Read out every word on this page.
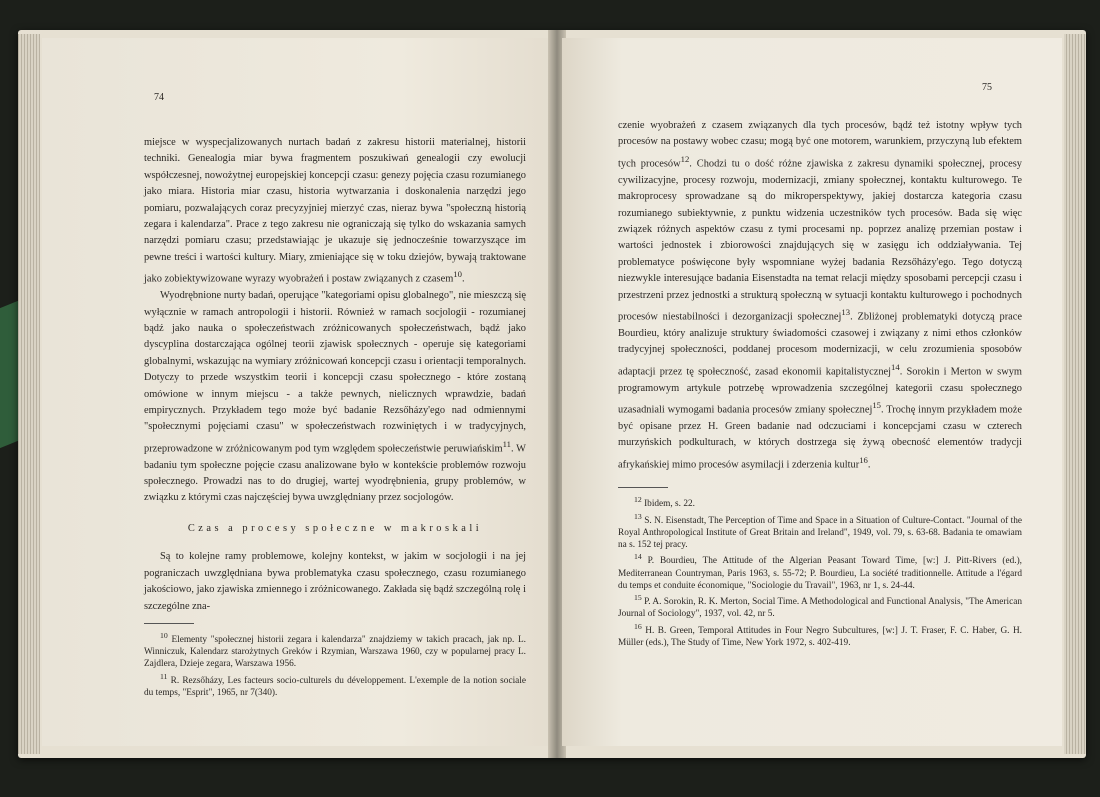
74

miejsce w wyspecjalizowanych nurtach badań z zakresu historii materialnej, historii techniki. Genealogia miar bywa fragmentem poszukiwań genealogii czy ewolucji współczesnej, nowożytnej europejskiej koncepcji czasu: genezy pojęcia czasu rozumianego jako miara. Historia miar czasu, historia wytwarzania i doskonalenia narzędzi jego pomiaru, pozwalających coraz precyzyjniej mierzyć czas, nieraz bywa "społeczną historią zegara i kalendarza". Prace z tego zakresu nie ograniczają się tylko do wskazania samych narzędzi pomiaru czasu; przedstawiając je ukazuje się jednocześnie towarzyszące im pewne treści i wartości kultury. Miary, zmieniające się w toku dziejów, bywają traktowane jako zobiektywizowane wyrazy wyobrażeń i postaw związanych z czasem$^{10}$.

Wyodrębnione nurty badań, operujące "kategoriami opisu globalnego", nie mieszczą się wyłącznie w ramach antropologii i historii. Również w ramach socjologii - rozumianej bądź jako nauka o społeczeństwach zróżnicowanych społeczeństwach, bądź jako dyscyplina dostarczająca ogólnej teorii zjawisk społecznych - operuje się kategoriami globalnymi, wskazując na wymiary zróżnicowań koncepcji czasu i orientacji temporalnych. Dotyczy to przede wszystkim teorii i koncepcji czasu społecznego - które zostaną omówione w innym miejscu - a także pewnych, nielicznych wprawdzie, badań empirycznych. Przykładem tego może być badanie Rezsőházy'ego nad odmiennymi "społecznymi pojęciami czasu" w społeczeństwach rozwiniętych i w tradycyjnych, przeprowadzone w zróżnicowanym pod tym względem społeczeństwie peruwiańskim$^{11}$. W badaniu tym społeczne pojęcie czasu analizowane było w kontekście problemów rozwoju społecznego. Prowadzi nas to do drugiej, wartej wyodrębnienia, grupy problemów, w związku z którymi czas najczęściej bywa uwzględniany przez socjologów.

Czas a procesy społeczne w makroskali

Są to kolejne ramy problemowe, kolejny kontekst, w jakim w socjologii i na jej pograniczach uwzględniana bywa problematyka czasu społecznego, czasu rozumianego jakościowo, jako zjawiska zmiennego i zróżnicowanego. Zakłada się bądź szczególną rolę i szczególne zna-

$^{10}$ Elementy "społecznej historii zegara i kalendarza" znajdziemy w takich pracach, jak np. L. Winniczuk, Kalendarz starożytnych Greków i Rzymian, Warszawa 1960, czy w popularnej pracy L. Zajdlera, Dzieje zegara, Warszawa 1956.

$^{11}$ R. Rezsőházy, Les facteurs socio-culturels du développement. L'exemple de la notion sociale du temps, "Esprit", 1965, nr 7(340).

75

czenie wyobrażeń z czasem związanych dla tych procesów, bądź też istotny wpływ tych procesów na postawy wobec czasu; mogą być one motorem, warunkiem, przyczyną lub efektem tych procesów$^{12}$. Chodzi tu o dość różne zjawiska z zakresu dynamiki społecznej, procesy cywilizacyjne, procesy rozwoju, modernizacji, zmiany społecznej, kontaktu kulturowego. Te makroprocesy sprowadzane są do mikroperspektywy, jakiej dostarcza kategoria czasu rozumianego subiektywnie, z punktu widzenia uczestników tych procesów. Bada się więc związek różnych aspektów czasu z tymi procesami np. poprzez analizę przemian postaw i wartości jednostek i zbiorowości znajdujących się w zasięgu ich oddziaływania. Tej problematyce poświęcone były wspomniane wyżej badania Rezsőházy'ego. Tego dotyczą niezwykle interesujące badania Eisenstadta na temat relacji między sposobami percepcji czasu i przestrzeni przez jednostki a strukturą społeczną w sytuacji kontaktu kulturowego i pochodnych procesów niestabilności i dezorganizacji społecznej$^{13}$. Zbliżonej problematyki dotyczą prace Bourdieu, który analizuje struktury świadomości czasowej i związany z nimi ethos członków tradycyjnej społeczności, poddanej procesom modernizacji, w celu zrozumienia sposobów adaptacji przez tę społeczność, zasad ekonomii kapitalistycznej$^{14}$. Sorokin i Merton w swym programowym artykule potrzebę wprowadzenia szczególnej kategorii czasu społecznego uzasadniali wymogami badania procesów zmiany społecznej$^{15}$. Trochę innym przykładem może być opisane przez H. Green badanie nad odczuciami i koncepcjami czasu w czterech murzyńskich podkulturach, w których dostrzega się żywą obecność elementów tradycji afrykańskiej mimo procesów asymilacji i zderzenia kultur$^{16}$.

$^{12}$ Ibidem, s. 22.

$^{13}$ S. N. Eisenstadt, The Perception of Time and Space in a Situation of Culture-Contact. "Journal of the Royal Anthropological Institute of Great Britain and Ireland", 1949, vol. 79, s. 63-68. Badania te omawiam na s. 152 tej pracy.

$^{14}$ P. Bourdieu, The Attitude of the Algerian Peasant Toward Time, [w:] J. Pitt-Rivers (ed.), Mediterranean Countryman, Paris 1963, s. 55-72; P. Bourdieu, La société traditionnelle. Attitude a l'égard du temps et conduite économique, "Sociologie du Travail", 1963, nr 1, s. 24-44.

$^{15}$ P. A. Sorokin, R. K. Merton, Social Time. A Methodological and Functional Analysis, "The American Journal of Sociology", 1937, vol. 42, nr 5.

$^{16}$ H. B. Green, Temporal Attitudes in Four Negro Subcultures, [w:] J. T. Fraser, F. C. Haber, G. H. Müller (eds.), The Study of Time, New York 1972, s. 402-419.
